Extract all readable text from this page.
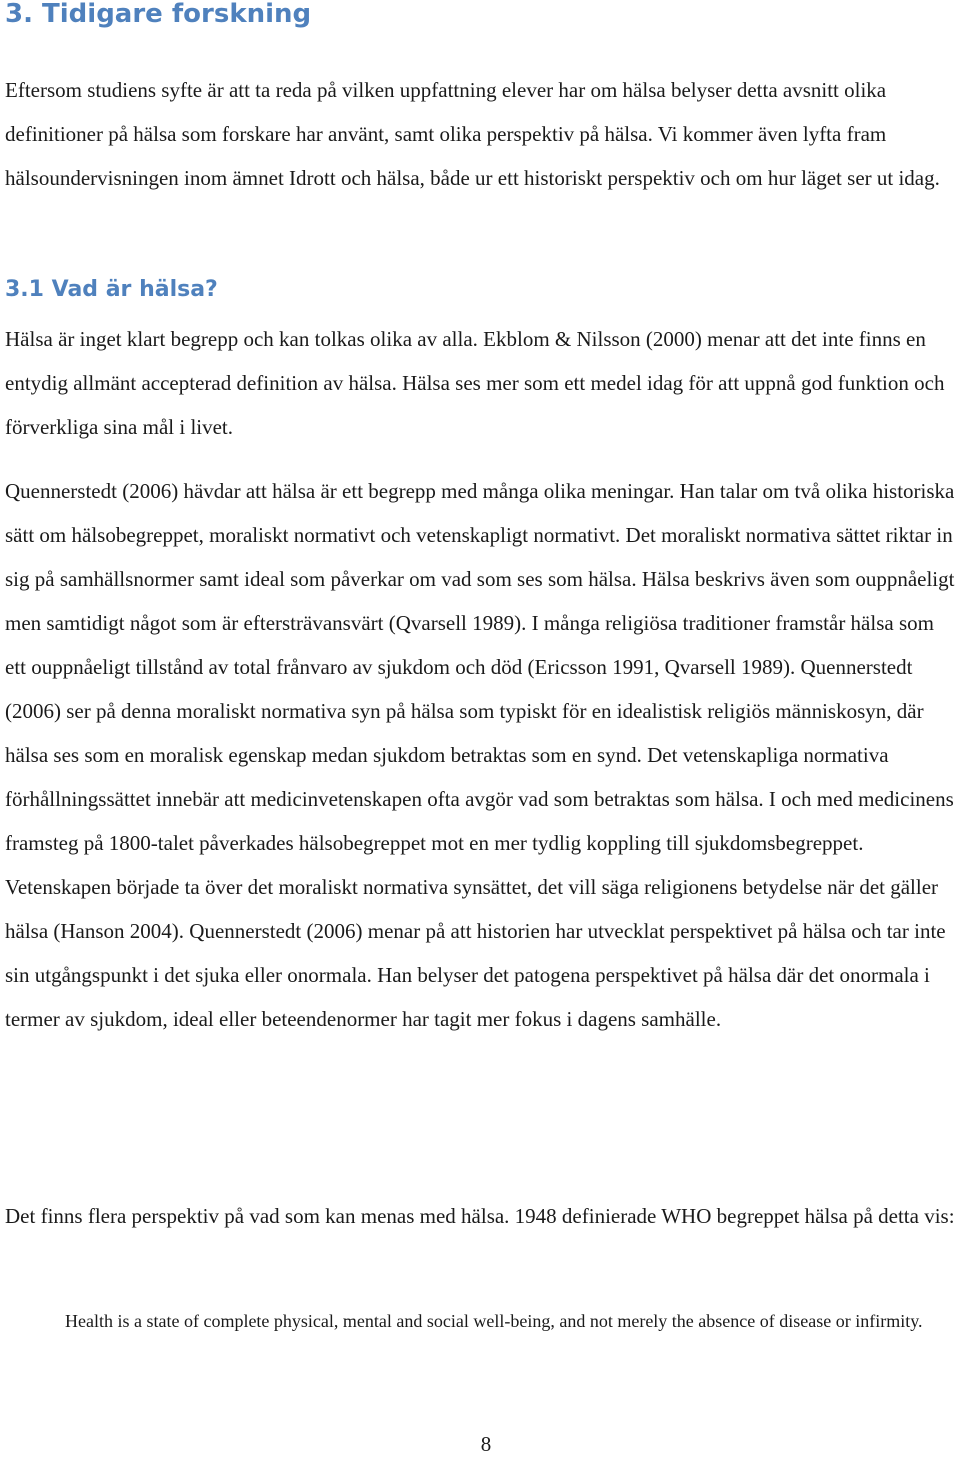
3. Tidigare forskning

Eftersom studiens syfte är att ta reda på vilken uppfattning elever har om hälsa belyser detta avsnitt olika definitioner på hälsa som forskare har använt, samt olika perspektiv på hälsa. Vi kommer även lyfta fram hälsoundervisningen inom ämnet Idrott och hälsa, både ur ett historiskt perspektiv och om hur läget ser ut idag.

3.1 Vad är hälsa?

Hälsa är inget klart begrepp och kan tolkas olika av alla. Ekblom & Nilsson (2000) menar att det inte finns en entydig allmänt accepterad definition av hälsa. Hälsa ses mer som ett medel idag för att uppnå god funktion och förverkliga sina mål i livet.

Quennerstedt (2006) hävdar att hälsa är ett begrepp med många olika meningar. Han talar om två olika historiska sätt om hälsobegreppet, moraliskt normativt och vetenskapligt normativt. Det moraliskt normativa sättet riktar in sig på samhällsnormer samt ideal som påverkar om vad som ses som hälsa. Hälsa beskrivs även som ouppnåeligt men samtidigt något som är eftersträvansvärt (Qvarsell 1989). I många religiösa traditioner framstår hälsa som ett ouppnåeligt tillstånd av total frånvaro av sjukdom och död (Ericsson 1991, Qvarsell 1989). Quennerstedt (2006) ser på denna moraliskt normativa syn på hälsa som typiskt för en idealistisk religiös människosyn, där hälsa ses som en moralisk egenskap medan sjukdom betraktas som en synd. Det vetenskapliga normativa förhållningssättet innebär att medicinvetenskapen ofta avgör vad som betraktas som hälsa. I och med medicinens framsteg på 1800-talet påverkades hälsobegreppet mot en mer tydlig koppling till sjukdomsbegreppet. Vetenskapen började ta över det moraliskt normativa synsättet, det vill säga religionens betydelse när det gäller hälsa (Hanson 2004). Quennerstedt (2006) menar på att historien har utvecklat perspektivet på hälsa och tar inte sin utgångspunkt i det sjuka eller onormala. Han belyser det patogena perspektivet på hälsa där det onormala i termer av sjukdom, ideal eller beteendenormer har tagit mer fokus i dagens samhälle.

Det finns flera perspektiv på vad som kan menas med hälsa. 1948 definierade WHO begreppet hälsa på detta vis:

Health is a state of complete physical, mental and social well-being, and not merely the absence of disease or infirmity.

8
